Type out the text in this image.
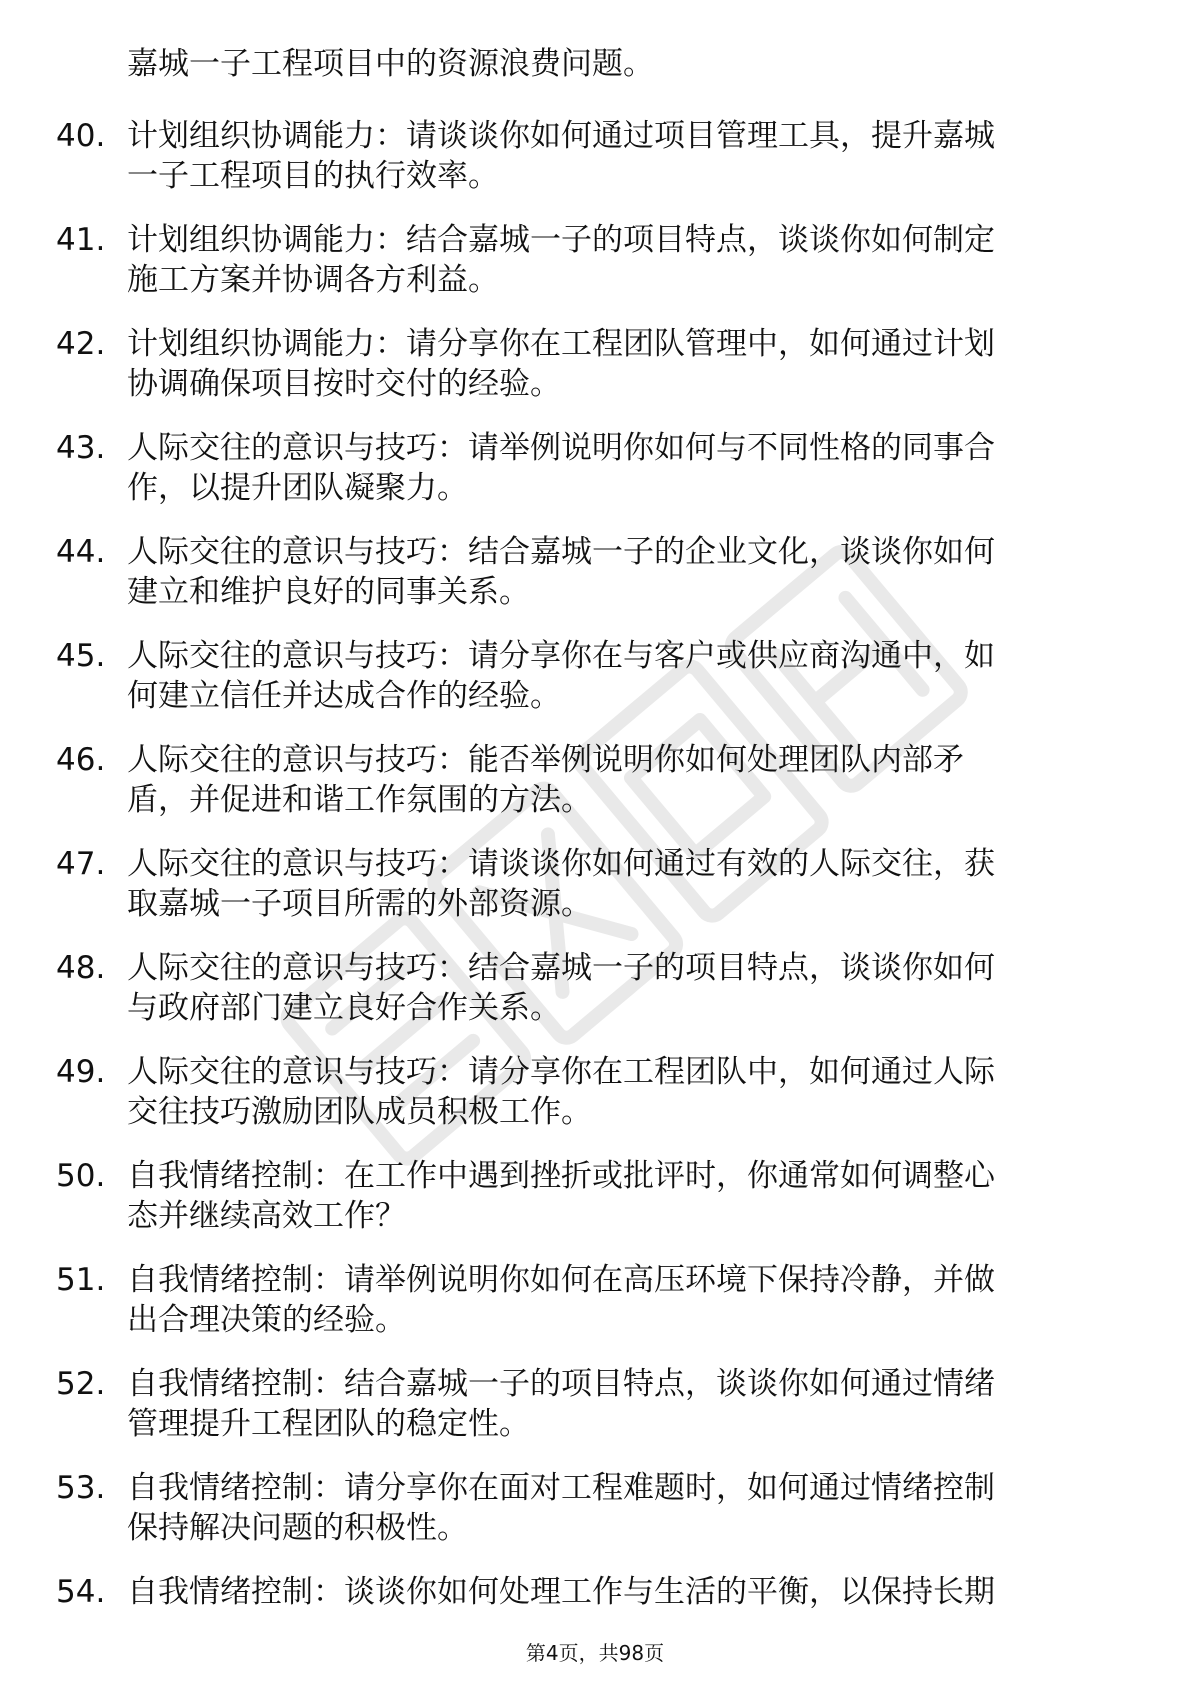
嘉城一子工程项目中的资源浪费问题。
40. 计划组织协调能力：请谈谈你如何通过项目管理工具，提升嘉城
一子工程项目的执行效率。
41. 计划组织协调能力：结合嘉城一子的项目特点，谈谈你如何制定
施工方案并协调各方利益。
42. 计划组织协调能力：请分享你在工程团队管理中，如何通过计划
协调确保项目按时交付的经验。
43. 人际交往的意识与技巧：请举例说明你如何与不同性格的同事合
作，以提升团队凝聚力。
44. 人际交往的意识与技巧：结合嘉城一子的企业文化，谈谈你如何
建立和维护良好的同事关系。
45. 人际交往的意识与技巧：请分享你在与客户或供应商沟通中，如
何建立信任并达成合作的经验。
46. 人际交往的意识与技巧：能否举例说明你如何处理团队内部矛
盾，并促进和谐工作氛围的方法。
47. 人际交往的意识与技巧：请谈谈你如何通过有效的人际交往，获
取嘉城一子项目所需的外部资源。
48. 人际交往的意识与技巧：结合嘉城一子的项目特点，谈谈你如何
与政府部门建立良好合作关系。
49. 人际交往的意识与技巧：请分享你在工程团队中，如何通过人际
交往技巧激励团队成员积极工作。
50. 自我情绪控制：在工作中遇到挫折或批评时，你通常如何调整心
态并继续高效工作？
51. 自我情绪控制：请举例说明你如何在高压环境下保持冷静，并做
出合理决策的经验。
52. 自我情绪控制：结合嘉城一子的项目特点，谈谈你如何通过情绪
管理提升工程团队的稳定性。
53. 自我情绪控制：请分享你在面对工程难题时，如何通过情绪控制
保持解决问题的积极性。
54. 自我情绪控制：谈谈你如何处理工作与生活的平衡，以保持长期
第4页，共98页
